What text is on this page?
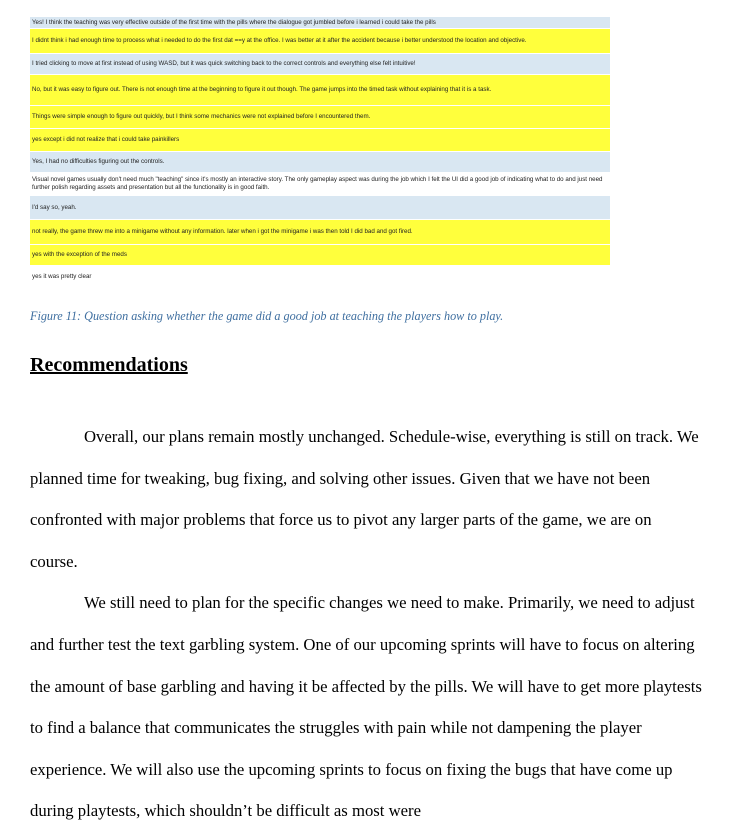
Yes! I think the teaching was very effective outside of the first time with the pills where the dialogue got jumbled before i learned i could take the pills
I didnt think i had enough time to process what i needed to do the first dat ==y at the office. I was better at it after the accident because i better understood the location and objective.
I tried clicking to move at first instead of using WASD, but it was quick switching back to the correct controls and everything else felt intuitive!
No, but it was easy to figure out. There is not enough time at the beginning to figure it out though. The game jumps into the timed task without explaining that it is a task.
Things were simple enough to figure out quickly, but I think some mechanics were not explained before I encountered them.
yes except i did not realize that i could take painkillers
Yes, I had no difficulties figuring out the controls.
Visual novel games usually don't need much "teaching" since it's mostly an interactive story. The only gameplay aspect was during the job which I felt the UI did a good job of indicating what to do and just need further polish regarding assets and presentation but all the functionality is in good faith.
I'd say so, yeah.
not really, the game threw me into a minigame without any information. later when i got the minigame i was then told I did bad and got fired.
yes with the exception of the meds
yes it was pretty clear
Figure 11: Question asking whether the game did a good job at teaching the players how to play.
Recommendations

Overall, our plans remain mostly unchanged. Schedule-wise, everything is still on track. We planned time for tweaking, bug fixing, and solving other issues. Given that we have not been confronted with major problems that force us to pivot any larger parts of the game, we are on course.

We still need to plan for the specific changes we need to make. Primarily, we need to adjust and further test the text garbling system. One of our upcoming sprints will have to focus on altering the amount of base garbling and having it be affected by the pills. We will have to get more playtests to find a balance that communicates the struggles with pain while not dampening the player experience. We will also use the upcoming sprints to focus on fixing the bugs that have come up during playtests, which shouldn’t be difficult as most were
